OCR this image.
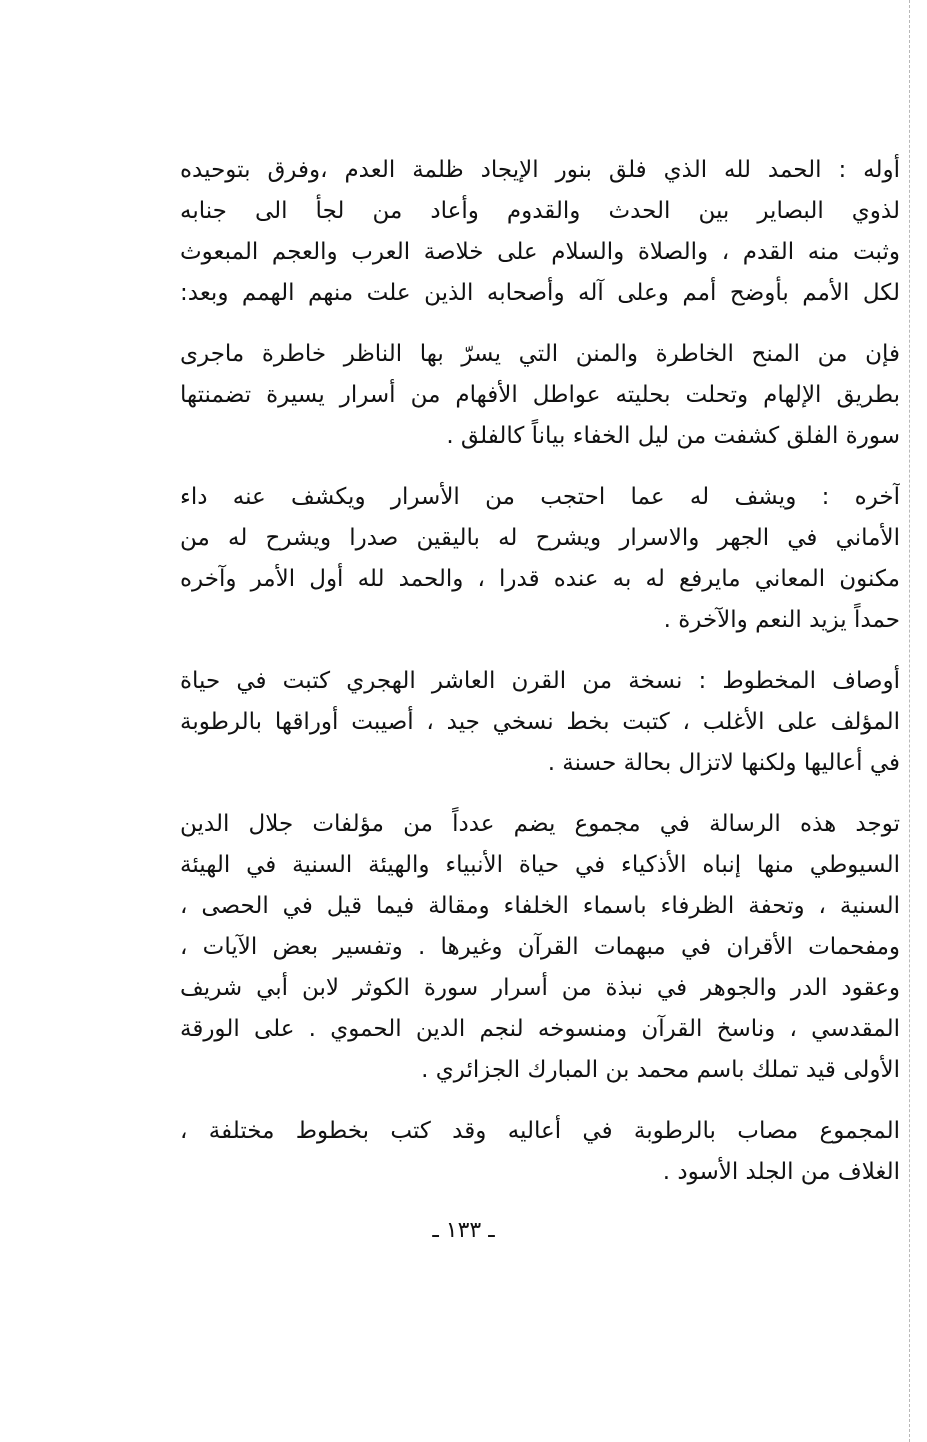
أوله : الحمد لله الذي فلق بنور الإيجاد ظلمة العدم ،وفرق بتوحيده
لذوي البصاير بين الحدث والقدوم وأعاد من لجأ الى جنابه
وثبت منه القدم ، والصلاة والسلام على خلاصة العرب والعجم المبعوث
لكل الأمم بأوضح أمم وعلى آله وأصحابه الذين علت منهم الهمم وبعد:
فإن من المنح الخاطرة والمنن التي يسرّ بها الناظر خاطرة ماجرى
بطريق الإلهام وتحلت بحليته عواطل الأفهام من أسرار يسيرة تضمنتها
سورة الفلق كشفت من ليل الخفاء بياناً كالفلق .
آخره : ويشف له عما احتجب من الأسرار ويكشف عنه داء
الأماني في الجهر والاسرار ويشرح له باليقين صدرا ويشرح له من
مكنون المعاني مايرفع له به عنده قدرا ، والحمد لله أول الأمر وآخره
حمداً يزيد النعم والآخرة .
أوصاف المخطوط : نسخة من القرن العاشر الهجري كتبت في حياة
المؤلف على الأغلب ، كتبت بخط نسخي جيد ، أصيبت أوراقها بالرطوبة
في أعاليها ولكنها لاتزال بحالة حسنة .
توجد هذه الرسالة في مجموع يضم عدداً من مؤلفات جلال الدين
السيوطي منها إنباه الأذكياء في حياة الأنبياء والهيئة السنية في الهيئة
السنية ، وتحفة الظرفاء باسماء الخلفاء ومقالة فيما قيل في الحصى ،
ومفحمات الأقران في مبهمات القرآن وغيرها . وتفسير بعض الآيات ،
وعقود الدر والجوهر في نبذة من أسرار سورة الكوثر لابن أبي شريف
المقدسي ، وناسخ القرآن ومنسوخه لنجم الدين الحموي . على الورقة
الأولى قيد تملك باسم محمد بن المبارك الجزائري .
المجموع مصاب بالرطوبة في أعاليه وقد كتب بخطوط مختلفة ،
الغلاف من الجلد الأسود .
ـ ١٣٣ ـ
